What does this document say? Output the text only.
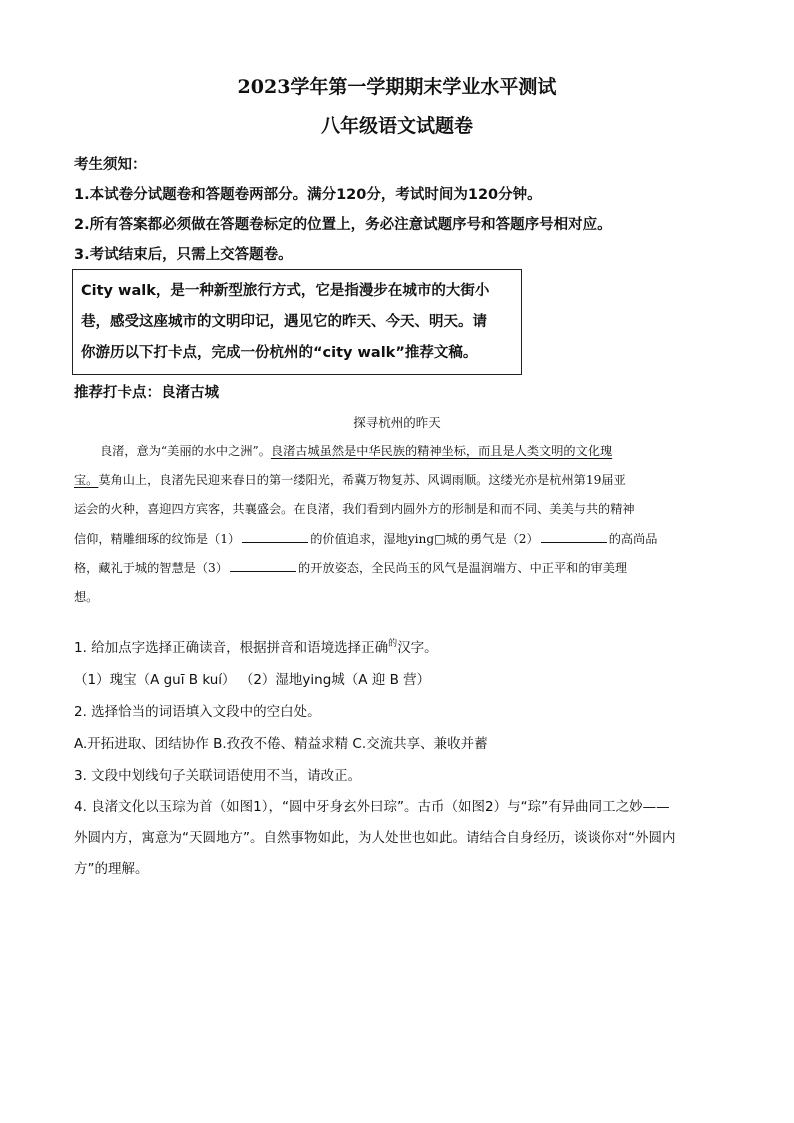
2023学年第一学期期末学业水平测试
八年级语文试题卷
考生须知：
1.本试卷分试题卷和答题卷两部分。满分120分，考试时间为120分钟。
2.所有答案都必须做在答题卷标定的位置上，务必注意试题序号和答题序号相对应。
3.考试结束后，只需上交答题卷。

City walk，是一种新型旅行方式，它是指漫步在城市的大街小

巷，感受这座城市的文明印记，遇见它的昨天、今天、明天。请

你游历以下打卡点，完成一份杭州的“city walk”推荐文稿。

推荐打卡点：良渚古城
探寻杭州的昨天
良渚，意为“美丽的水中之洲”。良渚古城虽然是中华民族的精神坐标，而且是人类文明的文化瑰
宝。莫角山上，良渚先民迎来春日的第一缕阳光，希冀万物复苏、风调雨顺。这缕光亦是杭州第19届亚
运会的火种，喜迎四方宾客，共襄盛会。在良渚，我们看到内圆外方的形制是和而不同、美美与共的精神
信仰，精雕细琢的纹饰是（1）	的价值追求，湿地ying□城的勇气是（2）	的高尚品
格，藏礼于城的智慧是（3）	的开放姿态，全民尚玉的风气是温润端方、中正平和的审美理
想。
1. 给加点字选择正确读音，根据拼音和语境选择正确$^的$汉字。
（1）瑰宝（A guī B kuí） （2）湿地ying城（A 迎 B 营）
2. 选择恰当的词语填入文段中的空白处。
A.开拓进取、团结协作 B.孜孜不倦、精益求精 C.交流共享、兼收并蓄
3. 文段中划线句子关联词语使用不当，请改正。
4. 良渚文化以玉琮为首（如图1），“圆中牙身玄外曰琮”。古币（如图2）与“琮”有异曲同工之妙——
外圆内方，寓意为“天圆地方”。自然事物如此，为人处世也如此。请结合自身经历，谈谈你对“外圆内
方”的理解。
